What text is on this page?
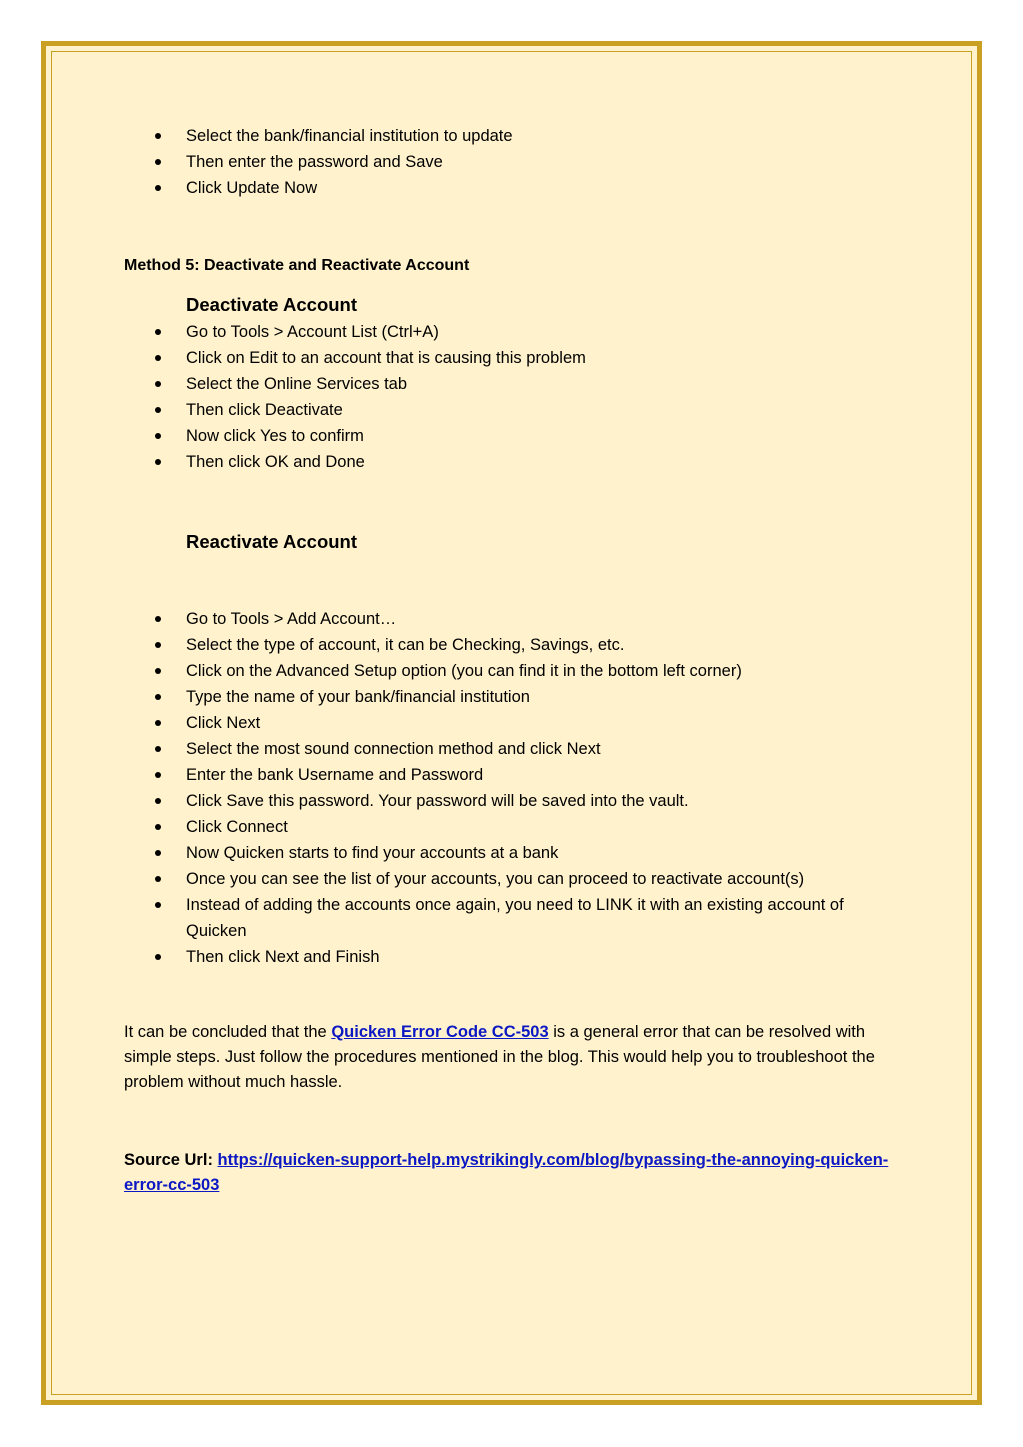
Select the bank/financial institution to update
Then enter the password and Save
Click Update Now
Method 5: Deactivate and Reactivate Account
Deactivate Account
Go to Tools > Account List (Ctrl+A)
Click on Edit to an account that is causing this problem
Select the Online Services tab
Then click Deactivate
Now click Yes to confirm
Then click OK and Done
Reactivate Account
Go to Tools > Add Account…
Select the type of account, it can be Checking, Savings, etc.
Click on the Advanced Setup option (you can find it in the bottom left corner)
Type the name of your bank/financial institution
Click Next
Select the most sound connection method and click Next
Enter the bank Username and Password
Click Save this password. Your password will be saved into the vault.
Click Connect
Now Quicken starts to find your accounts at a bank
Once you can see the list of your accounts, you can proceed to reactivate account(s)
Instead of adding the accounts once again, you need to LINK it with an existing account of Quicken
Then click Next and Finish
It can be concluded that the Quicken Error Code CC-503 is a general error that can be resolved with simple steps. Just follow the procedures mentioned in the blog. This would help you to troubleshoot the problem without much hassle.
Source Url: https://quicken-support-help.mystrikingly.com/blog/bypassing-the-annoying-quicken-
error-cc-503
